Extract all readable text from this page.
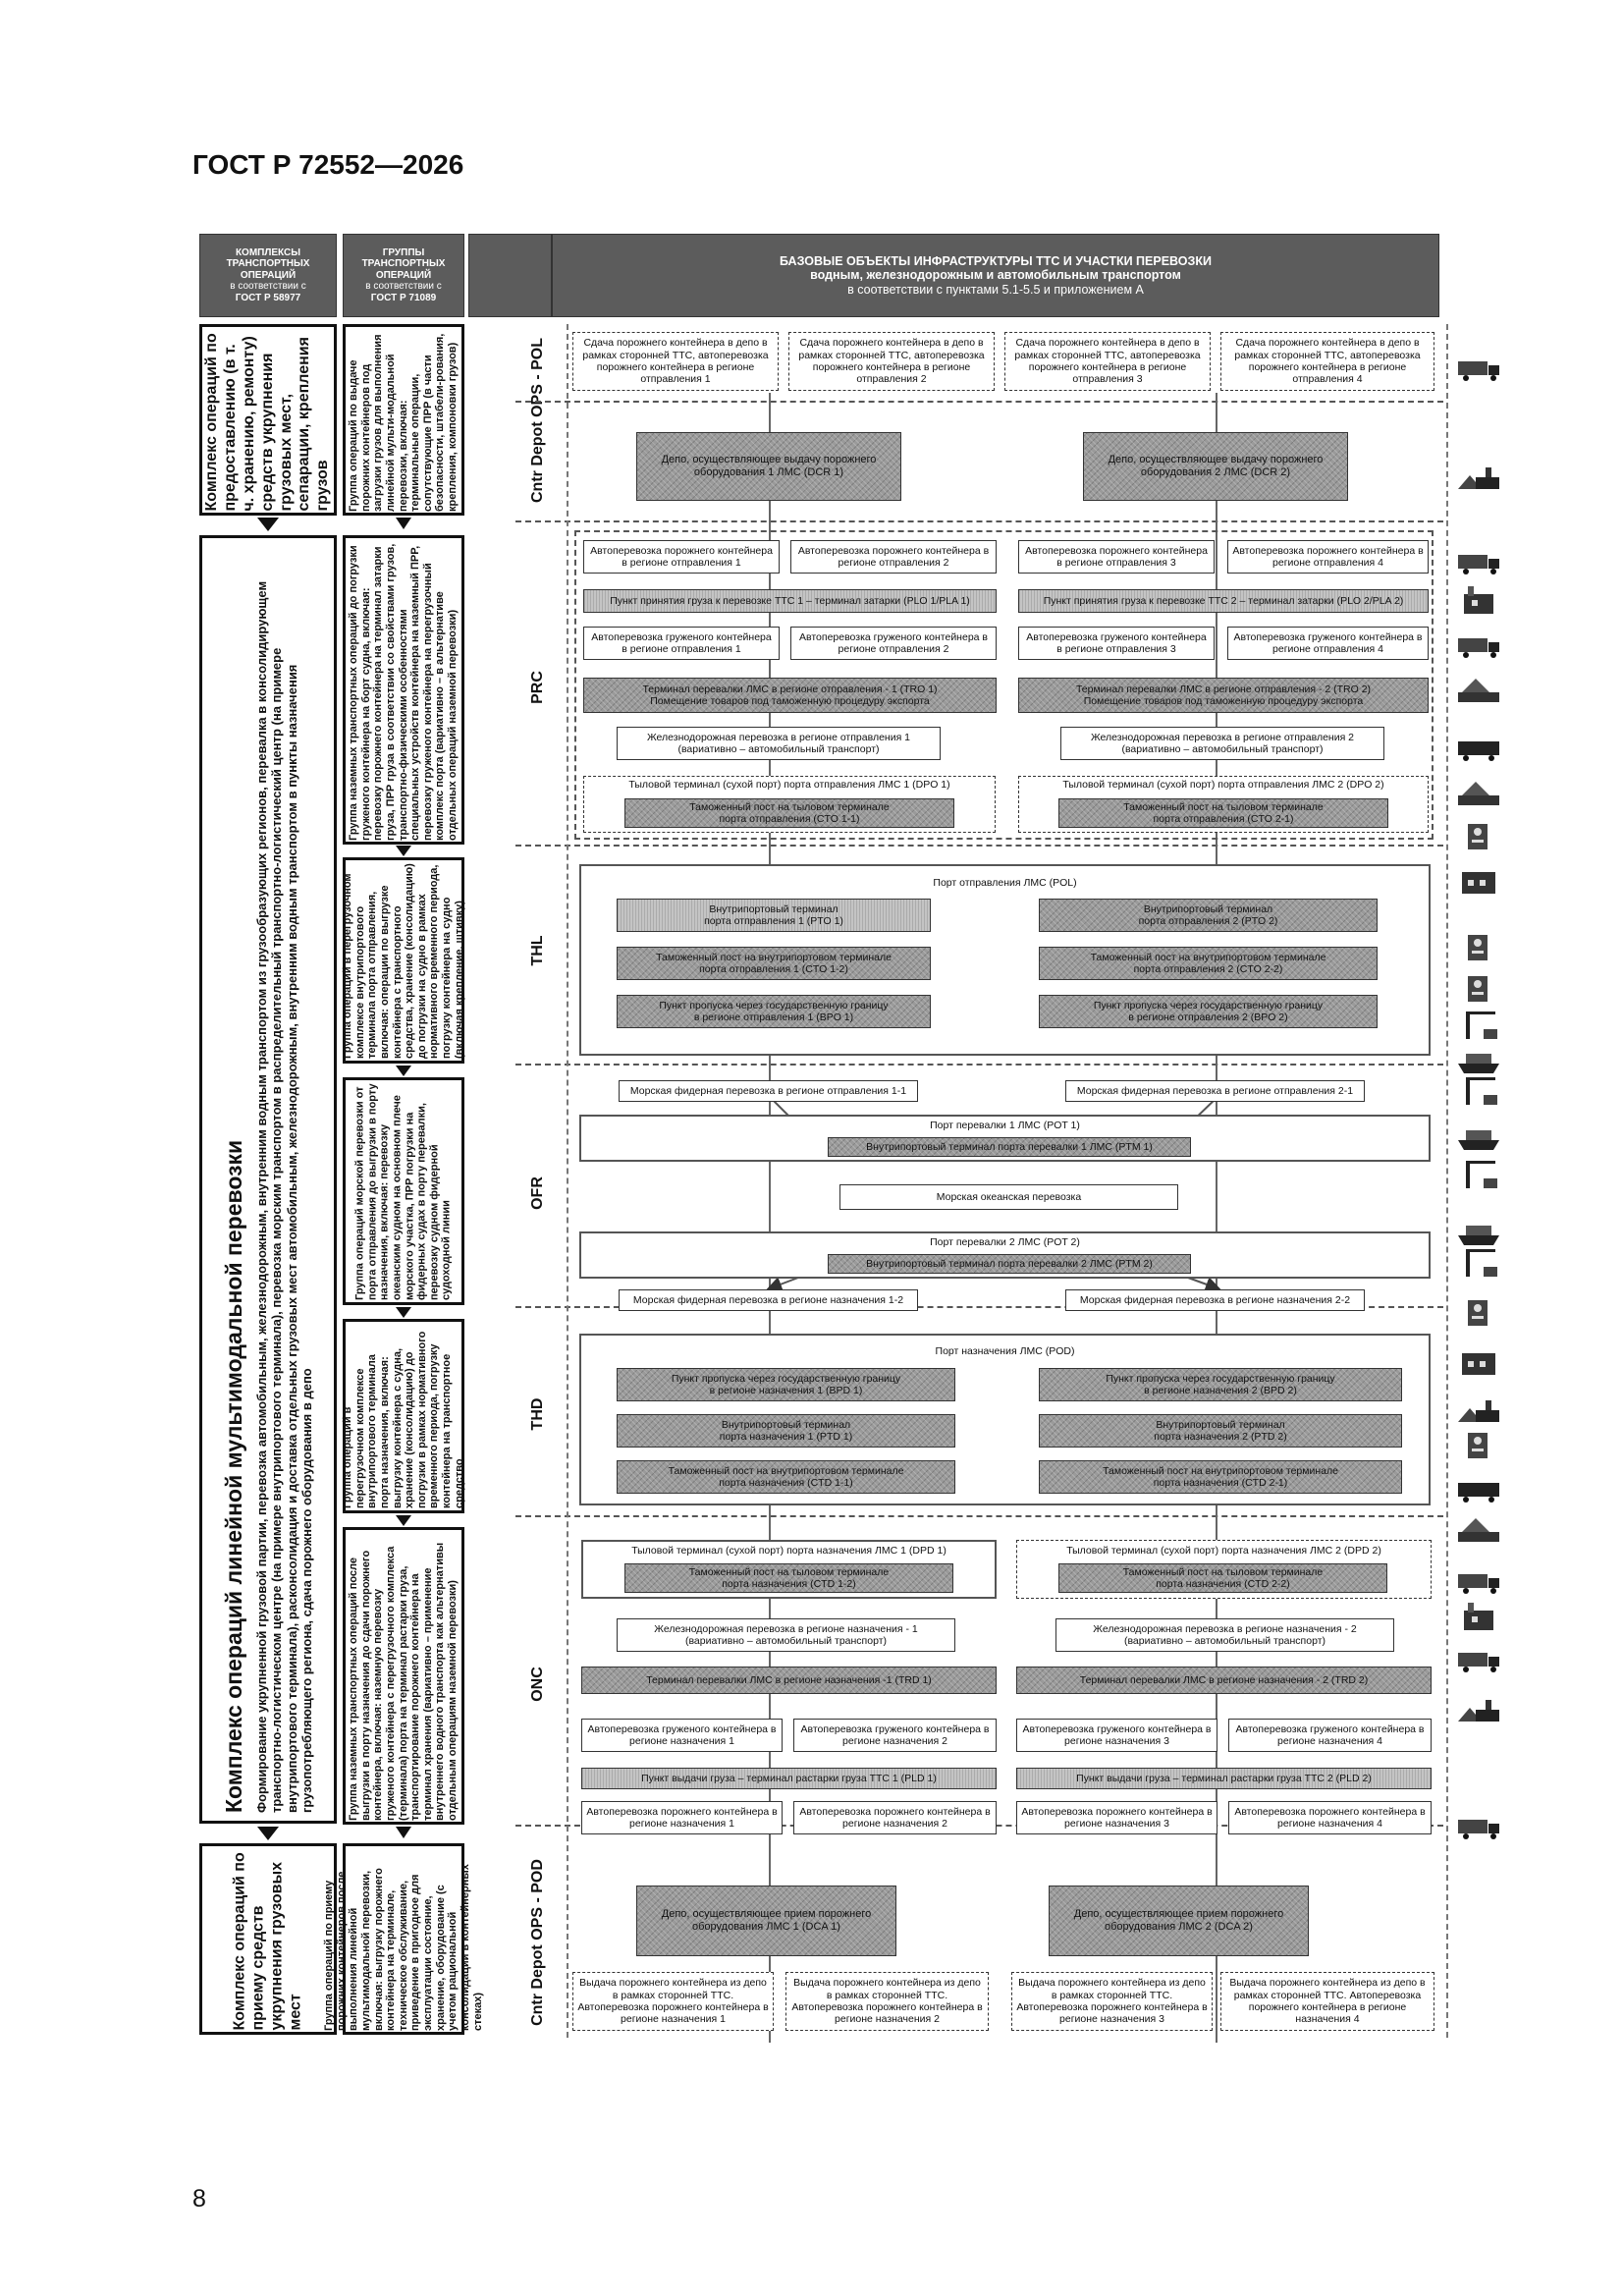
ГОСТ Р 72552—2026
8
КОМПЛЕКСЫ
ТРАНСПОРТНЫХ
ОПЕРАЦИЙ
в соответствии с
ГОСТ Р 58977
ГРУППЫ
ТРАНСПОРТНЫХ
ОПЕРАЦИЙ
в соответствии с
ГОСТ Р 71089
БАЗОВЫЕ ОБЪЕКТЫ ИНФРАСТРУКТУРЫ ТТС И УЧАСТКИ ПЕРЕВОЗКИ
водным, железнодорожным и автомобильным транспортом
в соответствии с пунктами 5.1-5.5 и приложением А
Комплекс операций по предоставлению (в т. ч. хранению, ремонту) средств укрупнения грузовых мест, сепарации, крепления грузов
Комплекс операций линейной мультимодальной перевозки Формирование укрупненной грузовой партии, перевозка автомобильным, железнодорожным, внутренним водным транспортом из грузообразующих регионов, перевалка в консолидирующем транспортно-логистическом центре (на примере внутрипортового терминала), перевозка морским транспортом в распределительный транспортно-логистический центр (на примере внутрипортового терминала), расконсолидация и доставка отдельных грузовых мест автомобильным, железнодорожным, внутренним водным транспортом в пункты назначения грузопотребляющего региона, сдача порожнего оборудования в депо
Комплекс операций по приему средств укрупнения грузовых мест
Группа операций по выдаче порожних контейнеров под загрузки грузов для выполнения линейной мульти-модальной перевозки, включая: терминальные операции, сопутствующие ПРР (в части безопасности, штабели-рования, крепления, компоновки грузов)
Группа наземных транспортных операций до погрузки груженого контейнера на борт судна, включая: перевозку порожнего контейнера на терминал затарки груза, ПРР груза в соответствии со свойствами грузов, транспортно-физическими особенностями специальных устройств контейнера на наземный ПРР, перевозку груженого контейнера на перегрузочный комплекс порта (вариативно – в альтернативе отдельных операций наземной перевозки)
Группа операций в перегрузочном комплексе внутрипортового терминала порта отправления, включая: операции по выгрузке контейнера с транспортного средства, хранение (консолидацию) до погрузки на судно в рамках нормативного временного периода, погрузку контейнера на судно (включая крепление, штивку)
Группа операций морской перевозки от порта отправления до выгрузки в порту назначения, включая: перевозку океанским судном на основном плече морского участка, ПРР погрузки на фидерных судах в порту перевалки, перевозку судном фидерной судоходной линии
Группа операций в перегрузочном комплексе внутрипортового терминала порта назначения, включая: выгрузку контейнера с судна, хранение (консолидацию) до погрузки в рамках нормативного временного периода, погрузку контейнера на транспортное средство
Группа наземных транспортных операций после выгрузки в порту назначения до сдачи порожнего контейнера, включая: наземную перевозку груженого контейнера с перегрузочного комплекса (терминала) порта на терминал растарки груза, транспортирование порожнего контейнера на терминал хранения (вариативно – применение внутреннего водного транспорта как альтернативы отдельным операциям наземной перевозки)
Группа операций по приему порожних контейнеров после выполнения линейной мультимодальной перевозки, включая: выгрузку порожнего контейнера на терминале, техническое обслуживание, приведение в пригодное для эксплуатации состояние, хранение, оборудование (с учетом рациональной консолидации в контейнерных стеках)
Cntr Depot OPS - POL
PRC
THL
OFR
THD
ONC
Cntr Depot OPS - POD
Сдача порожнего контейнера в депо в рамках сторонней ТТС, автоперевозка порожнего контейнера в регионе отправления 1
Сдача порожнего контейнера в депо в рамках сторонней ТТС, автоперевозка порожнего контейнера в регионе отправления 2
Сдача порожнего контейнера в депо в рамках сторонней ТТС, автоперевозка порожнего контейнера в регионе отправления 3
Сдача порожнего контейнера в депо в рамках сторонней ТТС, автоперевозка порожнего контейнера в регионе отправления 4
Депо, осуществляющее выдачу порожнего оборудования 1 ЛМС (DCR 1)
Депо, осуществляющее выдачу порожнего оборудования 2 ЛМС (DCR 2)
Автоперевозка порожнего контейнера в регионе отправления 1
Автоперевозка порожнего контейнера в регионе отправления 2
Автоперевозка порожнего контейнера в регионе отправления 3
Автоперевозка порожнего контейнера в регионе отправления 4
Пункт принятия груза к перевозке ТТС 1 – терминал затарки (PLO 1/PLA 1)	Пункт принятия груза к перевозке ТТС 2 – терминал затарки (PLO 2/PLA 2)
Автоперевозка груженого контейнера в регионе отправления 1
Автоперевозка груженого контейнера в регионе отправления 2
Автоперевозка груженого контейнера в регионе отправления 3
Автоперевозка груженого контейнера в регионе отправления 4
Терминал перевалки ЛМС в регионе отправления - 1 (TRO 1)
Помещение товаров под таможенную процедуру экспорта
Терминал перевалки ЛМС в регионе отправления - 2 (TRO 2)
Помещение товаров под таможенную процедуру экспорта
Железнодорожная перевозка в регионе отправления 1
(вариативно – автомобильный транспорт)
Железнодорожная перевозка в регионе отправления 2
(вариативно – автомобильный транспорт)
Тыловой терминал (сухой порт) порта отправления ЛМС 1 (DPO 1)
Таможенный пост на тыловом терминале
порта отправления (CTO 1-1)
Тыловой терминал (сухой порт) порта отправления ЛМС 2 (DPO 2)
Таможенный пост на тыловом терминале
порта отправления (CTO 2-1)
Порт отправления ЛМС (POL)
Внутрипортовый терминал
порта отправления 1 (PTO 1)
Таможенный пост на внутрипортовом терминале
порта отправления 1 (CTO 1-2)
Пункт пропуска через государственную границу
в регионе отправления 1 (BPO 1)
Внутрипортовый терминал
порта отправления 2 (PTO 2)
Таможенный пост на внутрипортовом терминале
порта отправления 2 (CTO 2-2)
Пункт пропуска через государственную границу
в регионе отправления 2 (BPO 2)
Морская фидерная перевозка в регионе отправления 1-1	Морская фидерная перевозка в регионе отправления 2-1
Порт перевалки 1 ЛМС (POT 1)
Внутрипортовый терминал порта перевалки 1 ЛМС (PTM 1)
Морская океанская перевозка
Порт перевалки 2 ЛМС (POT 2)
Внутрипортовый терминал порта перевалки 2 ЛМС (PTM 2)
Морская фидерная перевозка в регионе назначения 1-2	Морская фидерная перевозка в регионе назначения 2-2
Порт назначения ЛМС (POD)
Пункт пропуска через государственную границу
в регионе назначения 1 (BPD 1)
Внутрипортовый терминал
порта назначения 1 (PTD 1)
Таможенный пост на внутрипортовом терминале
порта назначения (CTD 1-1)
Пункт пропуска через государственную границу
в регионе назначения 2 (BPD 2)
Внутрипортовый терминал
порта назначения 2 (PTD 2)
Таможенный пост на внутрипортовом терминале
порта назначения (CTD 2-1)
Тыловой терминал (сухой порт) порта назначения ЛМС 1 (DPD 1)
Таможенный пост на тыловом терминале
порта назначения (CTD 1-2)
Тыловой терминал (сухой порт) порта назначения ЛМС 2 (DPD 2)
Таможенный пост на тыловом терминале
порта назначения (CTD 2-2)
Железнодорожная перевозка в регионе назначения - 1
(вариативно – автомобильный транспорт)
Железнодорожная перевозка в регионе назначения - 2
(вариативно – автомобильный транспорт)
Терминал перевалки ЛМС в регионе назначения -1 (TRD 1)	Терминал перевалки ЛМС в регионе назначения - 2 (TRD 2)
Автоперевозка груженого контейнера в регионе назначения 1
Автоперевозка груженого контейнера в регионе назначения 2
Автоперевозка груженого контейнера в регионе назначения 3
Автоперевозка груженого контейнера в регионе назначения 4
Пункт выдачи груза – терминал растарки груза ТТС 1 (PLD 1)	Пункт выдачи груза – терминал растарки груза ТТС 2 (PLD 2)
Автоперевозка порожнего контейнера в регионе назначения 1
Автоперевозка порожнего контейнера в регионе назначения 2
Автоперевозка порожнего контейнера в регионе назначения 3
Автоперевозка порожнего контейнера в регионе назначения 4
Депо, осуществляющее прием порожнего оборудования ЛМС 1 (DCA 1)
Депо, осуществляющее прием порожнего оборудования ЛМС 2 (DCA 2)
Выдача порожнего контейнера из депо в рамках сторонней ТТС. Автоперевозка порожнего контейнера в регионе назначения 1
Выдача порожнего контейнера из депо в рамках сторонней ТТС. Автоперевозка порожнего контейнера в регионе назначения 2
Выдача порожнего контейнера из депо в рамках сторонней ТТС. Автоперевозка порожнего контейнера в регионе назначения 3
Выдача порожнего контейнера из депо в рамках сторонней ТТС. Автоперевозка порожнего контейнера в регионе назначения 4
